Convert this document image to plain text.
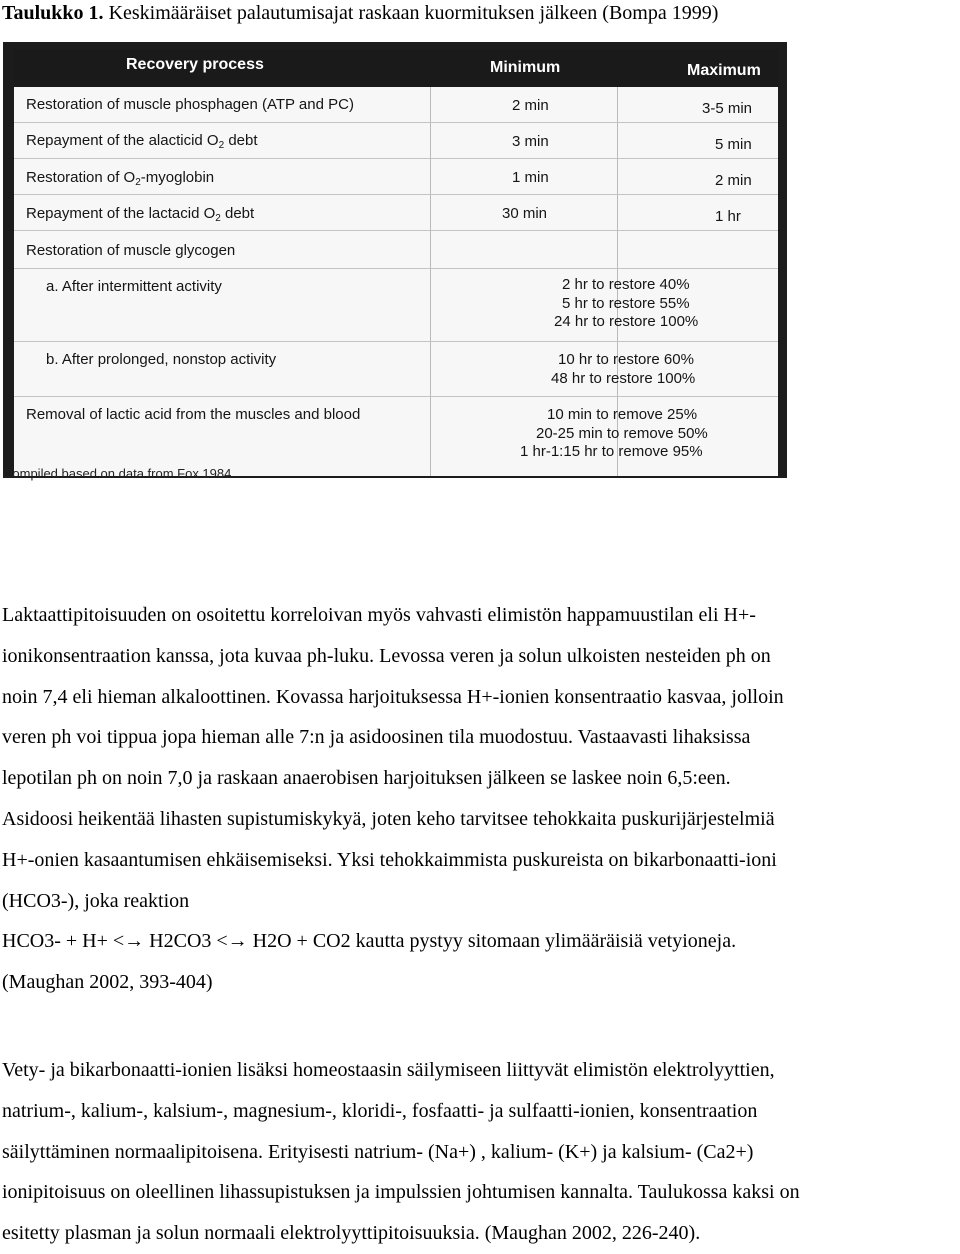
Taulukko 1. Keskimääräiset palautumisajat raskaan kuormituksen jälkeen (Bompa 1999)
Recovery process	Minimum	Maximum
Restoration of muscle phosphagen (ATP and PC)	2 min	3-5 min
Repayment of the alacticid $O_2$ debt	3 min	5 min
Restoration of $O_2$-myoglobin	1 min	2 min
Repayment of the lactacid $O_2$ debt	30 min	1 hr
Restoration of muscle glycogen
a. After intermittent activity	2 hr to restore 40%
5 hr to restore 55%
24 hr to restore 100%
b. After prolonged, nonstop activity	10 hr to restore 60%
48 hr to restore 100%
Removal of lactic acid from the muscles and blood	10 min to remove 25%
20-25 min to remove 50%
1 hr-1:15 hr to remove 95%
Compiled based on data from Fox 1984

Laktaattipitoisuuden on osoitettu korreloivan myös vahvasti elimistön happamuustilan eli H+-

ionikonsentraation kanssa, jota kuvaa ph-luku. Levossa veren ja solun ulkoisten nesteiden ph on

noin 7,4 eli hieman alkaloottinen. Kovassa harjoituksessa H+-ionien konsentraatio kasvaa, jolloin

veren ph voi tippua jopa hieman alle 7:n ja asidoosinen tila muodostuu. Vastaavasti lihaksissa

lepotilan ph on noin 7,0 ja raskaan anaerobisen harjoituksen jälkeen se laskee noin 6,5:een.

Asidoosi heikentää lihasten supistumiskykyä, joten keho tarvitsee tehokkaita puskurijärjestelmiä

H+-onien kasaantumisen ehkäisemiseksi. Yksi tehokkaimmista puskureista on bikarbonaatti-ioni

(HCO3-), joka reaktion

HCO3- + H+ <→ H2CO3 <→ H2O + CO2 kautta pystyy sitomaan ylimääräisiä vetyioneja.

(Maughan 2002, 393-404)

Vety- ja bikarbonaatti-ionien lisäksi homeostaasin säilymiseen liittyvät elimistön elektrolyyttien,

natrium-, kalium-, kalsium-, magnesium-, kloridi-, fosfaatti- ja sulfaatti-ionien, konsentraation

säilyttäminen normaalipitoisena. Erityisesti natrium- (Na+) , kalium- (K+) ja kalsium- (Ca2+)

ionipitoisuus on oleellinen lihassupistuksen ja impulssien johtumisen kannalta. Taulukossa kaksi on

esitetty plasman ja solun normaali elektrolyyttipitoisuuksia. (Maughan 2002, 226-240).
